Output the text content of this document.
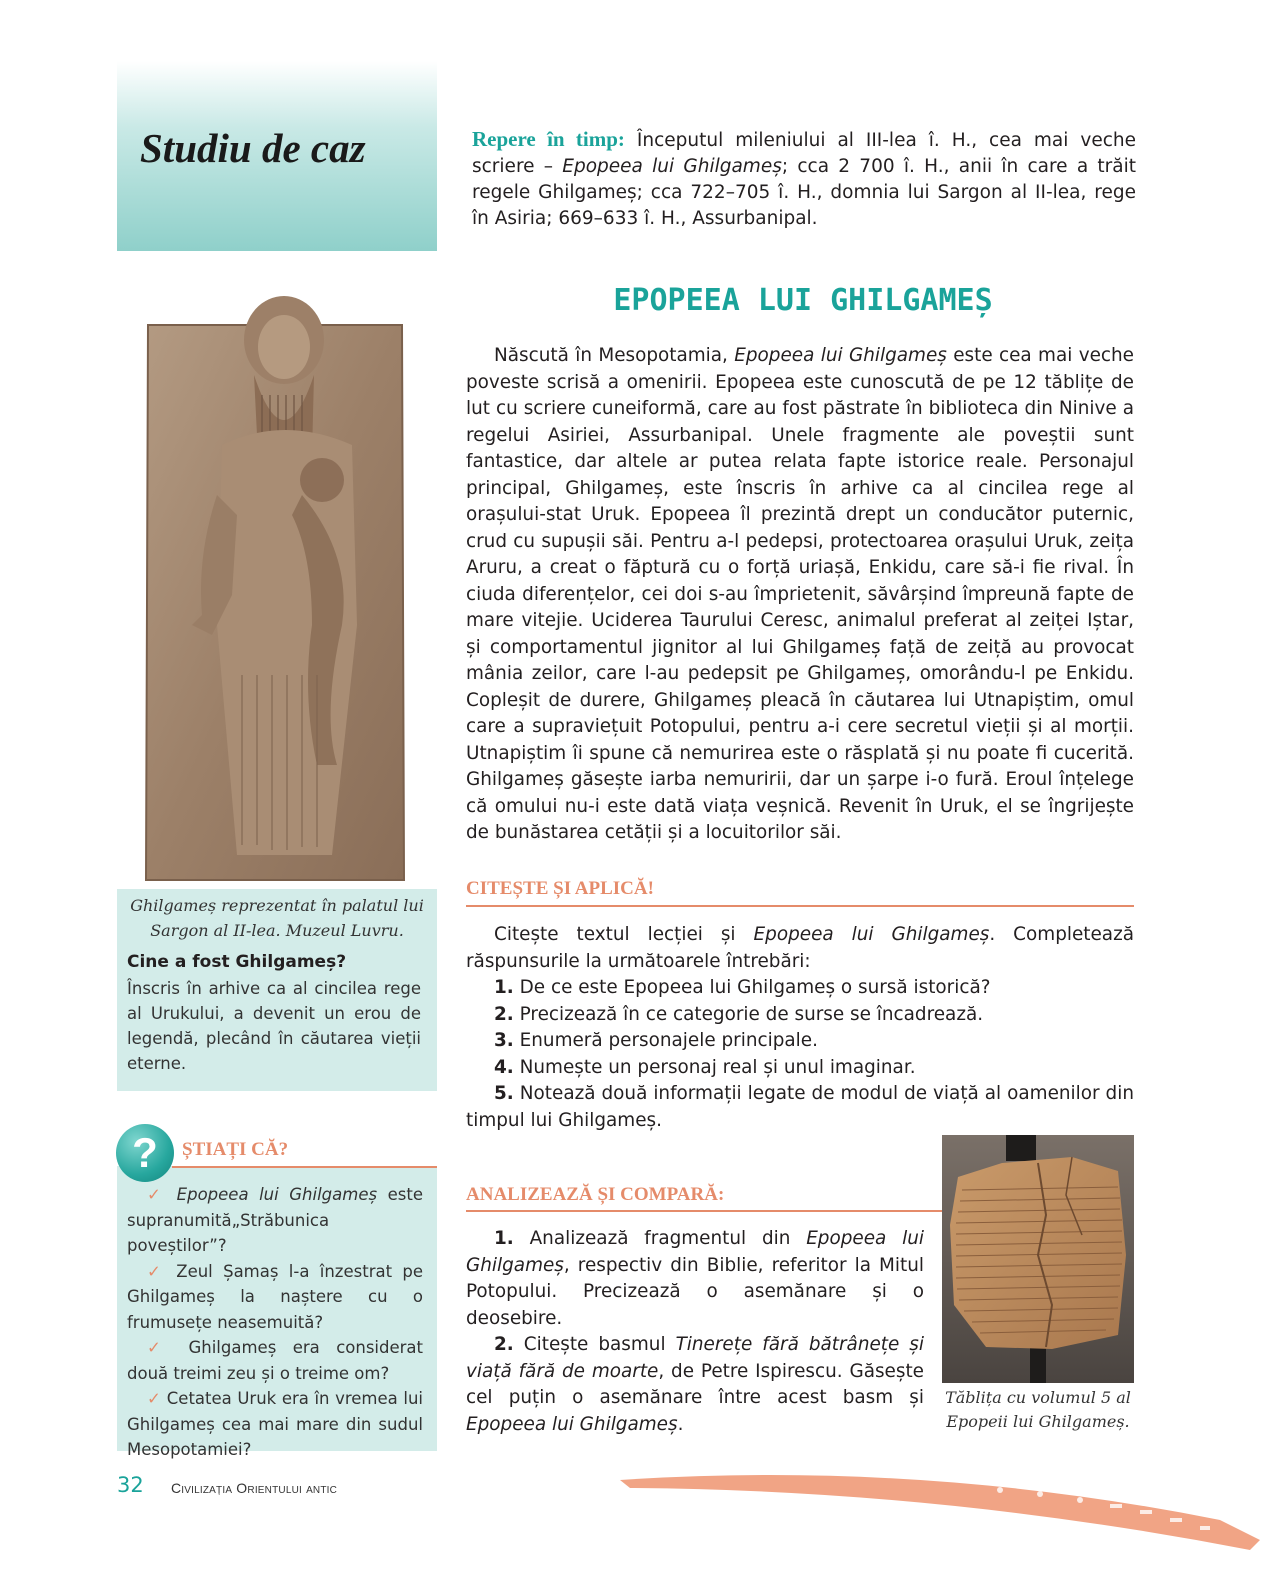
Studiu de caz	Repere în timp: Începutul mileniului al III-lea î. H., cea mai veche scriere – Epopeea lui Ghilgameș; cca 2 700 î. H., anii în care a trăit regele Ghilgameș; cca 722–705 î. H., domnia lui Sargon al II-lea, rege în Asiria; 669–633 î. H., Assurbanipal.
Ghilgameș reprezentat în palatul lui Sargon al II-lea. Muzeul Luvru.
Cine a fost Ghilgameș?
Înscris în arhive ca al cincilea rege al Urukului, a devenit un erou de legendă, plecând în căutarea vieții eterne.
?	ȘTIAȚI CĂ?

✓ Epopeea lui Ghilgameș este supranumită„Străbunica poveștilor”?

✓ Zeul Șamaș l-a înzestrat pe Ghilgameș la naștere cu o frumusețe neasemuită?

✓ Ghilgameș era considerat două treimi zeu și o treime om?

✓ Cetatea Uruk era în vremea lui Ghilgameș cea mai mare din sudul Mesopotamiei?

EPOPEEA LUI GHILGAMEȘ

Născută în Mesopotamia, Epopeea lui Ghilgameș este cea mai veche poveste scrisă a omenirii. Epopeea este cunoscută de pe 12 tăblițe de lut cu scriere cuneiformă, care au fost păstrate în biblioteca din Ninive a regelui Asiriei, Assurbanipal. Unele fragmente ale poveștii sunt fantastice, dar altele ar putea relata fapte istorice reale. Personajul principal, Ghilgameș, este înscris în arhive ca al cincilea rege al orașului-stat Uruk. Epopeea îl prezintă drept un conducător puternic, crud cu supușii săi. Pentru a-l pedepsi, protectoarea orașului Uruk, zeița Aruru, a creat o făptură cu o forță uriașă, Enkidu, care să-i fie rival. În ciuda diferențelor, cei doi s-au împrietenit, săvârșind împreună fapte de mare vitejie. Uciderea Taurului Ceresc, animalul preferat al zeiței Iștar, și comportamentul jignitor al lui Ghilgameș față de zeiță au provocat mânia zeilor, care l-au pedepsit pe Ghilgameș, omorându-l pe Enkidu. Copleșit de durere, Ghilgameș pleacă în căutarea lui Utnapiștim, omul care a supraviețuit Potopului, pentru a-i cere secretul vieții și al morții. Utnapiștim îi spune că nemurirea este o răsplată și nu poate fi cucerită. Ghilgameș găsește iarba nemuririi, dar un șarpe i-o fură. Eroul înțelege că omului nu-i este dată viața veșnică. Revenit în Uruk, el se îngrijește de bunăstarea cetății și a locuitorilor săi.

CITEȘTE ȘI APLICĂ!

Citește textul lecției și Epopeea lui Ghilgameș. Completează răspunsurile la următoarele întrebări:

1. De ce este Epopeea lui Ghilgameș o sursă istorică?

2. Precizează în ce categorie de surse se încadrează.

3. Enumeră personajele principale.

4. Numește un personaj real și unul imaginar.

5. Notează două informații legate de modul de viață al oamenilor din timpul lui Ghilgameș.

ANALIZEAZĂ ȘI COMPARĂ:

1. Analizează fragmentul din Epopeea lui Ghilgameș, respectiv din Biblie, referitor la Mitul Potopului. Precizează o asemănare și o deosebire.

2. Citește basmul Tinerețe fără bătrânețe și viață fără de moarte, de Petre Ispirescu. Găsește cel puțin o asemănare între acest basm și Epopeea lui Ghilgameș.

Tăblița cu volumul 5 al Epopeii lui Ghilgameș.
32 Civilizația Orientului antic
